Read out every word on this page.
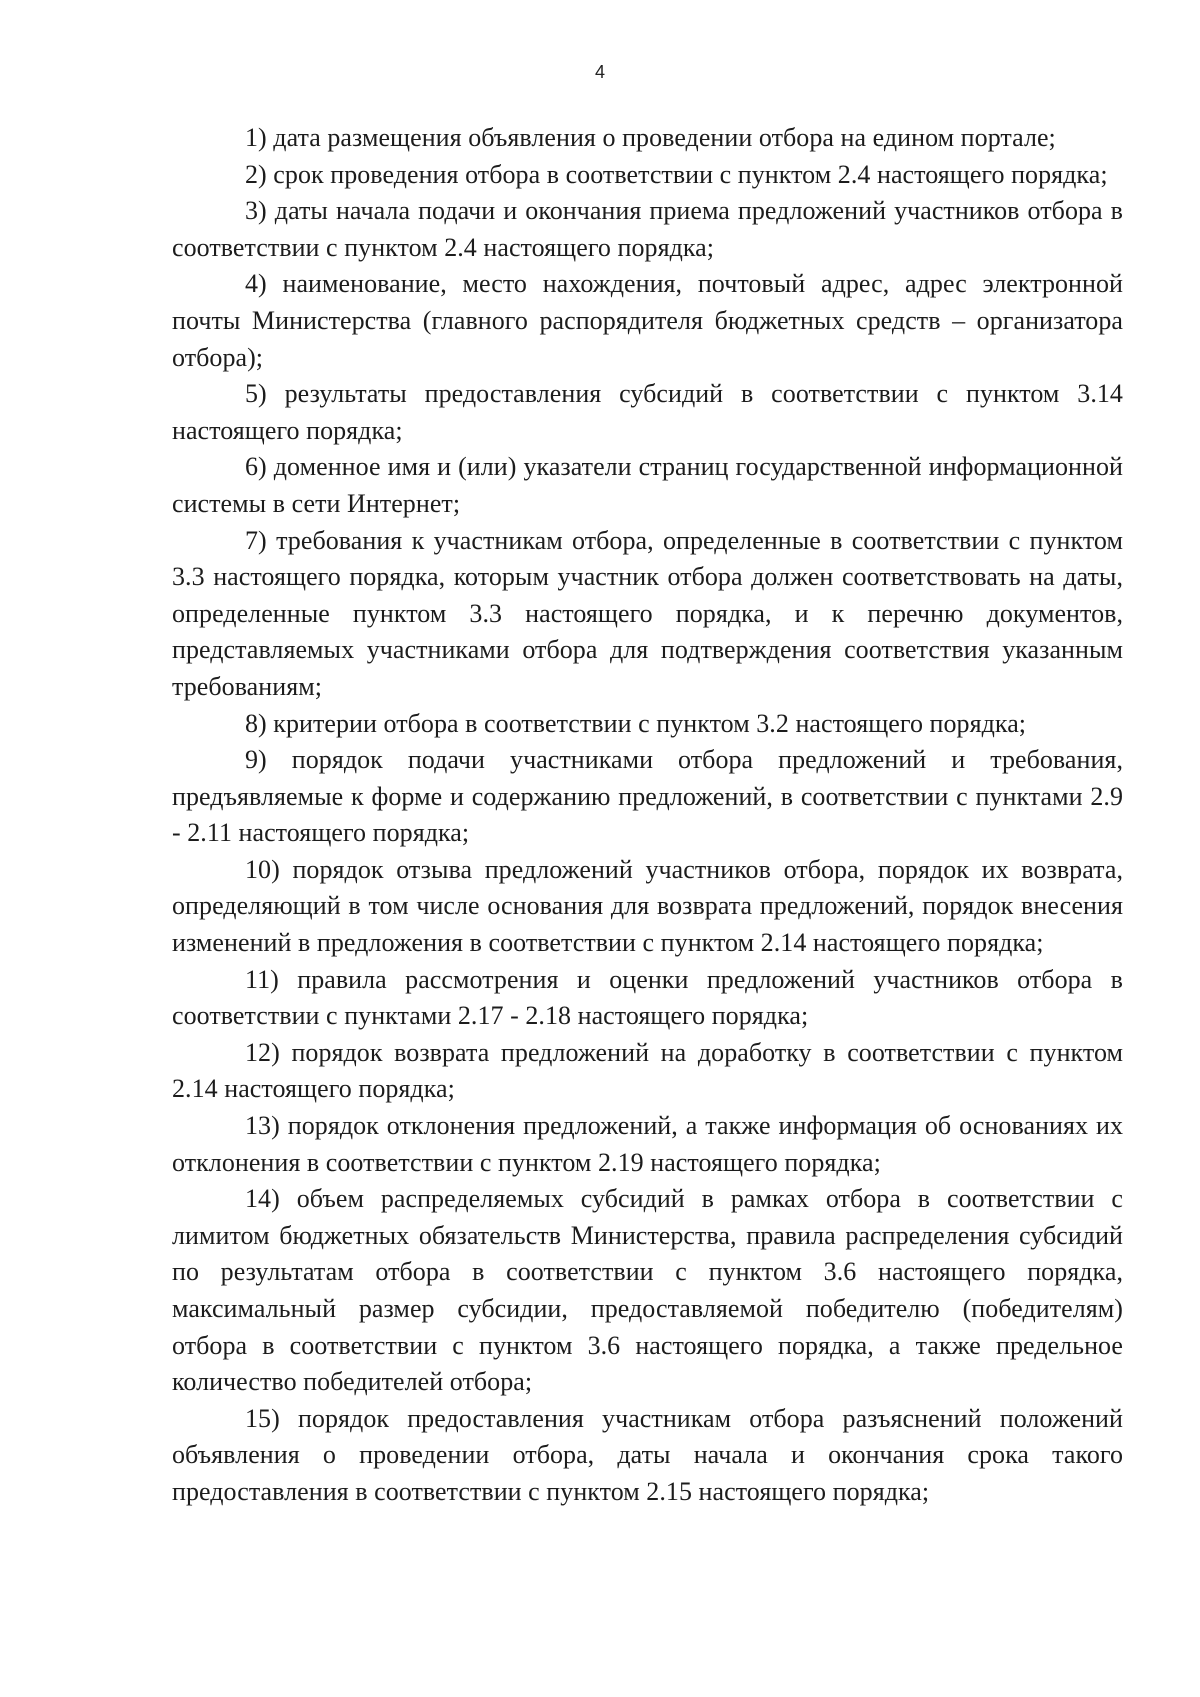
4

1) дата размещения объявления о проведении отбора на едином портале;

2) срок проведения отбора в соответствии с пунктом 2.4 настоящего порядка;

3) даты начала подачи и окончания приема предложений участников отбора в соответствии с пунктом 2.4 настоящего порядка;

4) наименование, место нахождения, почтовый адрес, адрес электронной почты Министерства (главного распорядителя бюджетных средств – организатора отбора);

5) результаты предоставления субсидий в соответствии с пунктом 3.14 настоящего порядка;

6) доменное имя и (или) указатели страниц государственной информационной системы в сети Интернет;

7) требования к участникам отбора, определенные в соответствии с пунктом 3.3 настоящего порядка, которым участник отбора должен соответствовать на даты, определенные пунктом 3.3 настоящего порядка, и к перечню документов, представляемых участниками отбора для подтверждения соответствия указанным требованиям;

8) критерии отбора в соответствии с пунктом 3.2 настоящего порядка;

9) порядок подачи участниками отбора предложений и требования, предъявляемые к форме и содержанию предложений, в соответствии с пунктами 2.9 - 2.11 настоящего порядка;

10) порядок отзыва предложений участников отбора, порядок их возврата, определяющий в том числе основания для возврата предложений, порядок внесения изменений в предложения в соответствии с пунктом 2.14 настоящего порядка;

11) правила рассмотрения и оценки предложений участников отбора в соответствии с пунктами 2.17 - 2.18 настоящего порядка;

12) порядок возврата предложений на доработку в соответствии с пунктом 2.14 настоящего порядка;

13) порядок отклонения предложений, а также информация об основаниях их отклонения в соответствии с пунктом 2.19 настоящего порядка;

14) объем распределяемых субсидий в рамках отбора в соответствии с лимитом бюджетных обязательств Министерства, правила распределения субсидий по результатам отбора в соответствии с пунктом 3.6 настоящего порядка, максимальный размер субсидии, предоставляемой победителю (победителям) отбора в соответствии с пунктом 3.6 настоящего порядка, а также предельное количество победителей отбора;

15) порядок предоставления участникам отбора разъяснений положений объявления о проведении отбора, даты начала и окончания срока такого предоставления в соответствии с пунктом 2.15 настоящего порядка;
